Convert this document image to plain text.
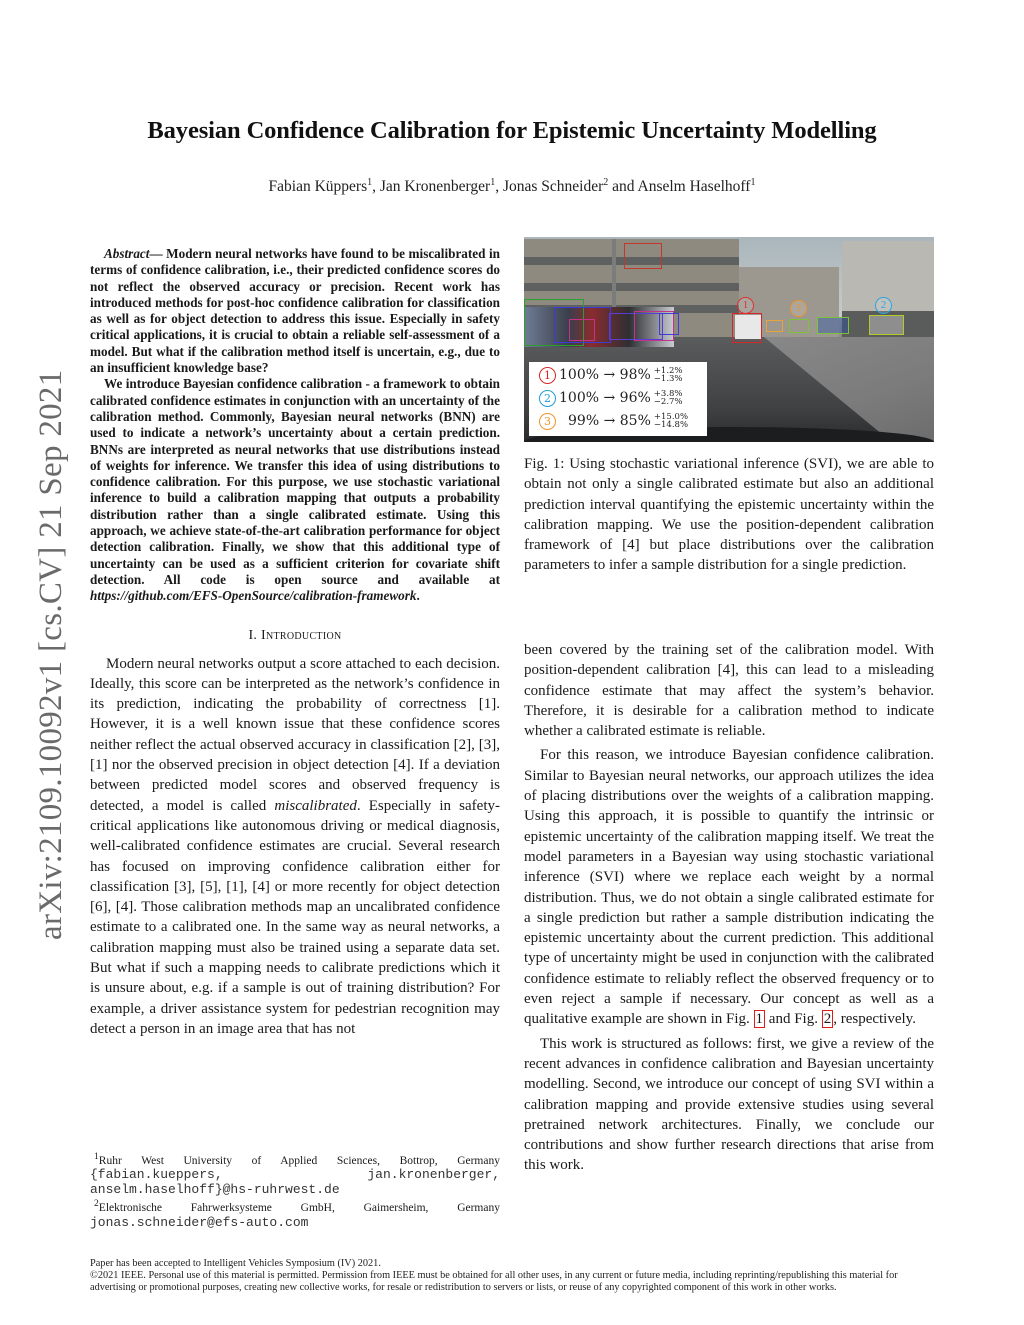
Bayesian Confidence Calibration for Epistemic Uncertainty Modelling
Fabian Küppers$^1$, Jan Kronenberger$^1$, Jonas Schneider$^2$ and Anselm Haselhoff$^1$
arXiv:2109.10092v1 [cs.CV] 21 Sep 2021

Abstract— Modern neural networks have found to be miscalibrated in terms of confidence calibration, i.e., their predicted confidence scores do not reflect the observed accuracy or precision. Recent work has introduced methods for post-hoc confidence calibration for classification as well as for object detection to address this issue. Especially in safety critical applications, it is crucial to obtain a reliable self-assessment of a model. But what if the calibration method itself is uncertain, e.g., due to an insufficient knowledge base?

We introduce Bayesian confidence calibration - a framework to obtain calibrated confidence estimates in conjunction with an uncertainty of the calibration method. Commonly, Bayesian neural networks (BNN) are used to indicate a network’s uncertainty about a certain prediction. BNNs are interpreted as neural networks that use distributions instead of weights for inference. We transfer this idea of using distributions to confidence calibration. For this purpose, we use stochastic variational inference to build a calibration mapping that outputs a probability distribution rather than a single calibrated estimate. Using this approach, we achieve state-of-the-art calibration performance for object detection calibration. Finally, we show that this additional type of uncertainty can be used as a sufficient criterion for covariate shift detection. All code is open source and available at https://github.com/EFS-OpenSource/calibration-framework.

I. Introduction

Modern neural networks output a score attached to each decision. Ideally, this score can be interpreted as the network’s confidence in its prediction, indicating the probability of correctness [1]. However, it is a well known issue that these confidence scores neither reflect the actual observed accuracy in classification [2], [3], [1] nor the observed precision in object detection [4]. If a deviation between predicted model scores and observed frequency is detected, a model is called miscalibrated. Especially in safety-critical applications like autonomous driving or medical diagnosis, well-calibrated confidence estimates are crucial. Several research has focused on improving confidence calibration either for classification [3], [5], [1], [4] or more recently for object detection [6], [4]. Those calibration methods map an uncalibrated confidence estimate to a calibrated one. In the same way as neural networks, a calibration mapping must also be trained using a separate data set. But what if such a mapping needs to calibrate predictions which it is unsure about, e.g. if a sample is out of training distribution? For example, a driver assistance system for pedestrian recognition may detect a person in an image area that has not

$^1$Ruhr West University of Applied Sciences, Bottrop, Germany {fabian.kueppers, jan.kronenberger, anselm.haselhoff}@hs-ruhrwest.de

$^2$Elektronische Fahrwerksysteme GmbH, Gaimersheim, Germany jonas.schneider@efs-auto.com

1	3	2
1 100% → 98% +1.2%
−1.3%
2 100% → 96% +3.8%
−2.7%
3	99% → 85% +15.0%
−14.8%
Fig. 1: Using stochastic variational inference (SVI), we are able to obtain not only a single calibrated estimate but also an additional prediction interval quantifying the epistemic uncertainty within the calibration mapping. We use the position-dependent calibration framework of [4] but place distributions over the calibration parameters to infer a sample distribution for a single prediction.

been covered by the training set of the calibration model. With position-dependent calibration [4], this can lead to a misleading confidence estimate that may affect the system’s behavior. Therefore, it is desirable for a calibration method to indicate whether a calibrated estimate is reliable.

For this reason, we introduce Bayesian confidence calibration. Similar to Bayesian neural networks, our approach utilizes the idea of placing distributions over the weights of a calibration mapping. Using this approach, it is possible to quantify the intrinsic or epistemic uncertainty of the calibration mapping itself. We treat the model parameters in a Bayesian way using stochastic variational inference (SVI) where we replace each weight by a normal distribution. Thus, we do not obtain a single calibrated estimate for a single prediction but rather a sample distribution indicating the epistemic uncertainty about the current prediction. This additional type of uncertainty might be used in conjunction with the calibrated confidence estimate to reliably reflect the observed frequency or to even reject a sample if necessary. Our concept as well as a qualitative example are shown in Fig. 1 and Fig. 2 , respectively.

This work is structured as follows: first, we give a review of the recent advances in confidence calibration and Bayesian uncertainty modelling. Second, we introduce our concept of using SVI within a calibration mapping and provide extensive studies using several pretrained network architectures. Finally, we conclude our contributions and show further research directions that arise from this work.

Paper has been accepted to Intelligent Vehicles Symposium (IV) 2021.

©2021 IEEE. Personal use of this material is permitted. Permission from IEEE must be obtained for all other uses, in any current or future media, including reprinting/republishing this material for advertising or promotional purposes, creating new collective works, for resale or redistribution to servers or lists, or reuse of any copyrighted component of this work in other works.
